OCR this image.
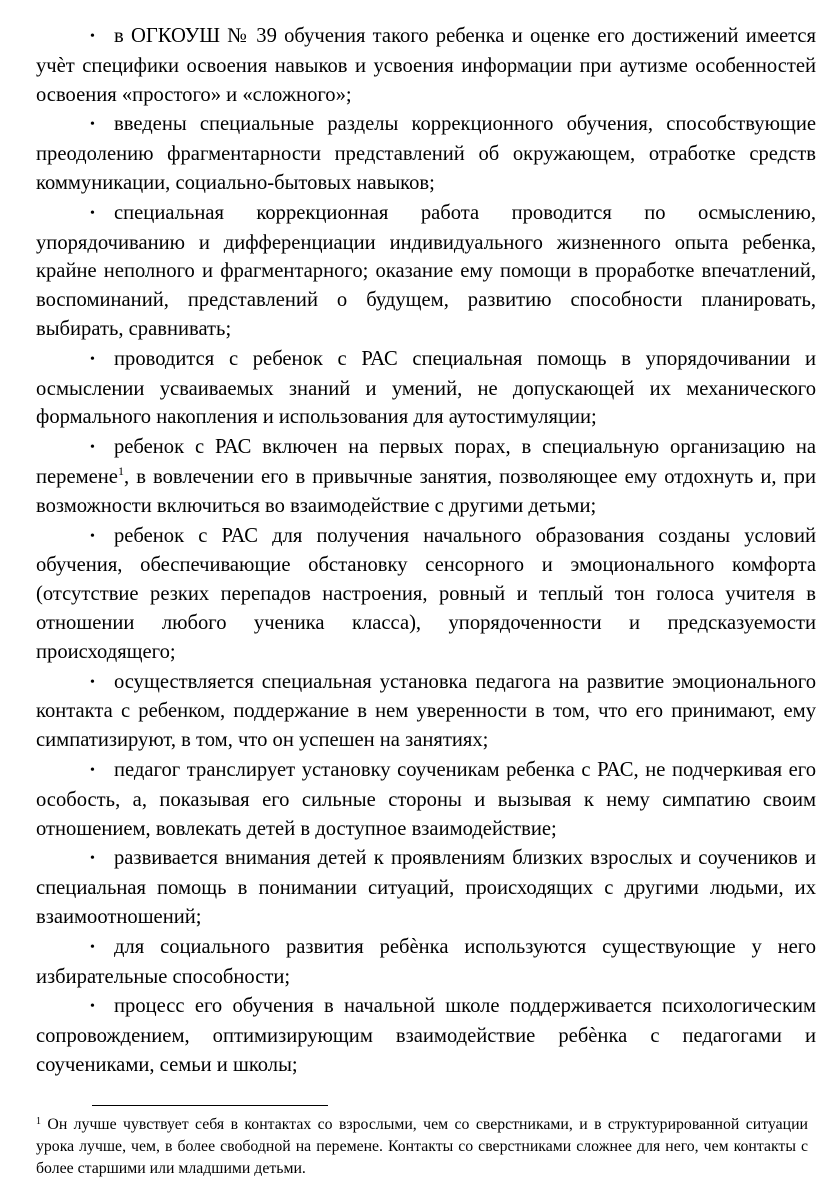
• в ОГКОУШ № 39 обучения такого ребенка и оценке его достижений имеется учѐт специфики освоения навыков и усвоения информации при аутизме особенностей освоения «простого» и «сложного»;

• введены специальные разделы коррекционного обучения, способствующие преодолению фрагментарности представлений об окружающем, отработке средств коммуникации, социально-бытовых навыков;

• специальная коррекционная работа проводится по осмыслению, упорядочиванию и дифференциации индивидуального жизненного опыта ребенка, крайне неполного и фрагментарного; оказание ему помощи в проработке впечатлений, воспоминаний, представлений о будущем, развитию способности планировать, выбирать, сравнивать;

• проводится с ребенок с РАС специальная помощь в упорядочивании и осмыслении усваиваемых знаний и умений, не допускающей их механического формального накопления и использования для аутостимуляции;

• ребенок с РАС включен на первых порах, в специальную организацию на перемене$^1$, в вовлечении его в привычные занятия, позволяющее ему отдохнуть и, при возможности включиться во взаимодействие с другими детьми;

• ребенок с РАС для получения начального образования созданы условий обучения, обеспечивающие обстановку сенсорного и эмоционального комфорта (отсутствие резких перепадов настроения, ровный и теплый тон голоса учителя в отношении любого ученика класса), упорядоченности и предсказуемости происходящего;

• осуществляется специальная установка педагога на развитие эмоционального контакта с ребенком, поддержание в нем уверенности в том, что его принимают, ему симпатизируют, в том, что он успешен на занятиях;

• педагог транслирует установку соученикам ребенка с РАС, не подчеркивая его особость, а, показывая его сильные стороны и вызывая к нему симпатию своим отношением, вовлекать детей в доступное взаимодействие;

• развивается внимания детей к проявлениям близких взрослых и соучеников и специальная помощь в понимании ситуаций, происходящих с другими людьми, их взаимоотношений;

• для социального развития ребѐнка используются существующие у него избирательные способности;

• процесс его обучения в начальной школе поддерживается психологическим сопровождением, оптимизирующим взаимодействие ребѐнка с педагогами и соучениками, семьи и школы;

$^1$ Он лучше чувствует себя в контактах со взрослыми, чем со сверстниками, и в структурированной ситуации урока лучше, чем, в более свободной на перемене. Контакты со сверстниками сложнее для него, чем контакты с более старшими или младшими детьми.
